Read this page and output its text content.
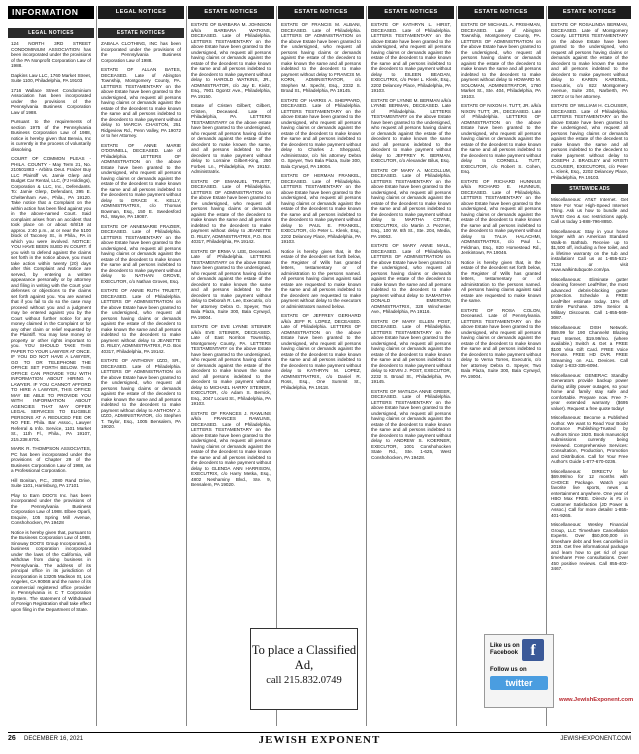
INFORMATION
LEGAL NOTICES

124 NORTH 3RD STREET CONDOMINIUM ASSOCIATION has been incorporated under the provisions of the PA Nonprofit Corporation Law of 1988.

Dapkins Law LLC, 1760 Market Street, Suite 1100, Philadelphia, PA 19103

1716 Wallace Street Condominium Association has been incorporated under the provisions of the Pennsylvania Business Corporation Law of 1988.

Pursuant to the requirements of section 1975 of the Pennsylvania Business Corporation Law of 1988, notice is hereby given that Benvia, Inc is currently in the process of voluntarily dissolving.

COURT OF COMMON PLEAS - PHILA. COUNTY - May Term 21, No. 210501883 - Arbitra Deut. Fraizer Buy LLC Plaintiff vs. Jamie Glerp and Budget Car Rental, LLC, (FJ Holdings), Corporation & LLC, Inc., Defendants. To: Jamie Glerp, Defendant, 395 E. Cheltenham Ave., Phila., PA 19120. Take notice that a Complaint on the within action has been filed against you in the above-named Court. Said complaint arises from an accident that took place on or about 6/8/19 at approx. 2:40 p.m., at or near the 5100 block of Taconey St., in Phila., PA in which you were involved. NOTICE: YOU HAVE BEEN SUED IN COURT. If you wish to defend against the claims set forth in the notice above, you must take action within twenty (20) days after this Complaint and Notice are served, by entering a written appearance personally or by attorney and filing in writing with the Court your defenses or objections to the claims set forth against you. You are warned that if you fail to do so the case may proceed without you and a judgment may be entered against you by the Court without further notice for any money claimed in the Complaint or for any other claim or relief requested by the Plaintiff. You may lose money or property or other rights important to you. YOU SHOULD TAKE THIS PAPER TO YOUR LAWYER AT ONCE. IF YOU DO NOT HAVE A LAWYER, GO TO OR TELEPHONE THE OFFICE SET FORTH BELOW. THIS OFFICE CAN PROVIDE YOU WITH INFORMATION ABOUT HIRING A LAWYER. IF YOU CANNOT AFFORD TO HIRE A LAWYER, THIS OFFICE MAY BE ABLE TO PROVIDE YOU WITH INFORMATION ABOUT AGENCIES THAT MAY OFFER LEGAL SERVICES TO ELIGIBLE PERSONS AT A REDUCED FEE OR NO FEE. Phila. Bar Assoc., Lawyer Referral & Info. Service, 1101 Market St., 11th Fl., Phila., PA 19107, 215.238.6701.

MARK R. THOMPSON ASSOCIATES, PC has been incorporated under the provisions of Chapter 29 of the Business Corporation Law of 1988, as a Professional Corporation.

Hill Bonitan, P.C., 2080 Rand Drive, Suite 1101, Harrisburg, PA 17101

Play to Earn DOO'S Inc. has been incorporated under the provisions of the Pennsylvania Business Corporation Law of 1988. Elbee Oparli, Esquire, 105 Spring Mill Avenue, Conshohocken, PA 19428

Notice is hereby given that, pursuant to the Business Corporation Law of 1988, Sinoway DOO'S Group Incorporated, a business corporation incorporated under the laws of the California, will withdraw from doing business in Pennsylvania. The address of its principal office in its jurisdiction of incorporation is 13205 Madison St, Los Angeles, CA 90068 and the name of its commercial registered office provider in Pennsylvania is C T Corporation System. The statement of Withdrawal of Foreign Registration shall take effect upon filing in the Department of State.

LEGAL NOTICES
ESTATE NOTICES

ZABALA CLOTHING, INC has been incorporated under the provisions of the Pennsylvania Business Corporation Law of 1988.

ESTATE OF ALLAN BATES, DECEASED. Late of Abington Township, Montgomery County, PA. LETTERS TESTAMENTARY on the above Estate have been granted to the undersigned, who request all persons having claims or demands against the estate of the decedent to make known the same and all persons indebted to the decedent to make payment without delay to MARCIA CHASTON, 251 Ridgeview Rd., Penn Valley, PA 19072 or to her Attorney.

ESTATE OF ANNE MARIE O'DONNELL, DECEASED. Late of Philadelphia. LETTERS OF ADMINISTRATION on the above Estate have been granted to the undersigned, who request all persons having claims or demands against the estate of the decedent to make known the same and all persons indebted to the decedent to make payment without delay to GRACE K. KELLY, ADMINISTRATRIX, c/o Thomas Bowman, Esq., 150 E. Swedesford Rd., Wayne, PA 19087.

ESTATE OF ANNEMARIE FRAZIER, DECEASED. Late of Philadelphia. LETTERS TESTAMENTARY on the above Estate have been granted to the undersigned, who request all persons having claims or demands against the estate of the decedent to make known the same and all persons indebted to the decedent to make payment without delay to NATHAN GROVE, EXECUTOR, c/o Nathan Groves, Esq.

ESTATE OF ANNIE RUTH TRUETT, DECEASED. Late of Philadelphia. LETTERS OF ADMINISTRATION on the above Estate have been granted to the undersigned, who request all persons having claims or demands against the estate of the decedent to make known the same and all persons indebted to the decedent to make payment without delay to JEANETTE D. RILEY, ADMINISTRATRIX, P.O. Box 40317, Philadelphia, PA 19142.

ESTATE OF ANTHONY IZZO, SR., DECEASED. Late of Philadelphia. LETTERS OF ADMINISTRATION on the above Estate have been granted to the undersigned, who request all persons having claims or demands against the estate of the decedent to make known the same and all persons indebted to the decedent to make payment without delay to ANTHONY J. IZZO, ADMINISTRATOR, c/o Stephen T. Taylor, Esq., 1005 Bensalem, PA 19020.

ESTATE NOTICES

ESTATE OF BARBARA M. JOHNSON a/k/a BARBARA WATKINS, DECEASED. Late of Philadelphia. LETTERS TESTAMENTARY on the above Estate have been granted to the undersigned, who request all persons having claims or demands against the estate of the decedent to make known the same and all persons indebted to the decedent to make payment without delay to HAROLD WATKINS, JR., ADMINISTRATOR, c/o Jay E. Kivitz, Esq., 7901 Ogontz Ave., Philadelphia, PA 19150.

Estate of Cristen Gilbert; Gilbert, Cristen, Deceased. Late of Philadelphia, PA. LETTERS TESTAMENTARY on the above estate have been granted to the undersigned, who request all persons having claims or demands against the estate of the decedent to make known the same, and all persons indebted to the decedent to make payment without delay to Lorraine Gilbert-King, 250 Forbes Ln., Philadelphia, PA 19152. Administratrix.

ESTATE OF EMANUEL TRUETT, DECEASED. Late of Philadelphia. LETTERS OF ADMINISTRATION on the above Estate have been granted to the undersigned, who request all persons having claims or demands against the estate of the decedent to make known the same and all persons indebted to the decedent to make payment without delay to JEANETTE D. RILEY, ADMINISTRATRIX, P.O. Box 40317, Philadelphia, PA 19142.

ESTATE OF ERMA V. LEE, Deceased. Late of Philadelphia. LETTERS TESTAMENTARY on the above Estate have been granted to the undersigned, who request all persons having claims or demands against the estate of the decedent to make known the same and all persons indebted to the decedent to make payment without delay to Deborah R. Lee, Executrix, c/o her attorney Debra G. Speyer, Two Bala Plaza, Suite 300, Bala Cynwyd, PA 19004.

ESTATE OF EVE LYNNE STEINER a/k/a EVE STEINER, DECEASED. Late of East Norriton Township, Montgomery County, PA. LETTERS TESTAMENTARY on the above Estate have been granted to the undersigned, who request all persons having claims or demands against the estate of the decedent to make known the same and all persons indebted to the decedent to make payment without delay to MICHAEL HARRY STEINER, EXECUTOR, c/o Adam S. Bernick, Esq., 2047 Locust St., Philadelphia, PA 19103.

ESTATE OF FRANCES J. RAWLINS a/k/a FRANCES RAWLINS, DECEASED. Late of Philadelphia. LETTERS TESTAMENTARY on the above Estate have been granted to the undersigned, who request all persons having claims or demands against the estate of the decedent to make known the same and all persons indebted to the decedent to make payment without delay to GLENDA ANN HARRISON, EXECUTRIX, c/o Harry Metka, Esq., 4802 Neshaminy Blvd., Ste. 9, Bensalem, PA 19020.

ESTATE NOTICES

ESTATE OF FRANCIS M. ALBANI, DECEASED. Late of Philadelphia. LETTERS OF ADMINISTRATION on the above Estate have been granted to the undersigned, who request all persons having claims or demands against the estate of the decedent to make known the same and all persons indebted to the decedent to make payment without delay to FRANCIS M. KORN, ADMINISTRATOR, c/o Stephen M. Specht, Esq., 2332 S. Broad St., Philadelphia, PA 19145.

ESTATE OF HARRIS A. SHEPPARD, DECEASED. Late of Philadelphia. LETTERS TESTAMENTARY on the above Estate have been granted to the undersigned, who request all persons having claims or demands against the estate of the decedent to make known the same and all persons indebted to the decedent to make payment without delay to Charles J. Sheppard, Administrator, c/o his attorney Debra G. Speyer, Two Bala Plaza, Suite 300, Bala Cynwyd, PA 19004.

ESTATE OF HERMAN FRANKEL, DECEASED. Late of Philadelphia. LETTERS TESTAMENTARY on the above Estate have been granted to the undersigned, who request all persons having claims or demands against the estate of the decedent to make known the same and all persons indebted to the decedent to make payment without delay to PAUL E. FRANKEL, EXECUTOR, c/o Peter L. Klenk, Esq., 2202 Delancey Place, Philadelphia, PA 19103.

Notice is hereby given that, in the estate of the decedent set forth below, the Register of Wills has granted letters, testamentary or of administration to the persons named. All persons having claims against said estate are requested to make known the same and all persons indebted to the decedent are requested to make payment without delay to the executors or administrators named below.

ESTATE OF JEFFREY GERHARD a/k/a JEFF R. LOPEZ, DECEASED. Late of Philadelphia. LETTERS OF ADMINISTRATION on the above Estate have been granted to the undersigned, who request all persons having claims or demands against the estate of the decedent to make known the same and all persons indebted to the decedent to make payment without delay to KATHRYN M. LOPEZ, ADMINISTRATRIX, c/o Daniel R. Ross, Esq., One Summit St., Philadelphia, PA 19118.

ESTATE NOTICES

ESTATE OF KATHRYN L. HIRST, DECEASED. Late of Philadelphia. LETTERS TESTAMENTARY on the above Estate have been granted to the undersigned, who request all persons having claims or demands against the estate of the decedent to make known the same and all persons indebted to the decedent to make payment without delay to EILEEN BEADAN, EXECUTRIX, c/o Peter L. Klenk, Esq., 2202 Delancey Place, Philadelphia, PA 19103.

ESTATE OF LYNNE M. BERMAN a/k/a LYNNE BERMAN, DECEASED. Late of Philadelphia. LETTERS TESTAMENTARY on the above Estate have been granted to the undersigned, who request all persons having claims or demands against the estate of the decedent to make known the same and all persons indebted to the decedent to make payment without delay to JEFFREY R. BERMAN, EXECUTOR, c/o Alexander Bilus, Esq.

ESTATE OF MARY A. McCOLLUM, DECEASED. Late of Philadelphia. LETTERS TESTAMENTARY on the above Estate have been granted to the undersigned, who request all persons having claims or demands against the estate of the decedent to make known the same and all persons indebted to the decedent to make payment without delay to MARTHA COYNE, EXECUTRIX, c/o Martin J. Pezzner, Esq., 100 W. 6th St., Ste. 204, Media, PA 19063.

ESTATE OF MARY ANNE MAUL, DECEASED. Late of Philadelphia. LETTERS OF ADMINISTRATION on the above Estate have been granted to the undersigned, who request all persons having claims or demands against the estate of the decedent to make known the same and all persons indebted to the decedent to make payment without delay to SAMANTHA DONALD EMERSON, ADMINISTRATRIX, 328 Winchester Ave., Philadelphia, PA 19116.

ESTATE OF MARY ELLEN POST, DECEASED. Late of Philadelphia. LETTERS TESTAMENTARY on the above Estate have been granted to the undersigned, who request all persons having claims or demands against the estate of the decedent to make known the same and all persons indebted to the decedent to make payment without delay to KEVIN J. POST, EXECUTOR, 2232 S. Broad St., Philadelphia, PA 19145.

ESTATE OF MATILDA ANNE GREER, DECEASED. Late of Philadelphia. LETTERS TESTAMENTARY on the above Estate have been granted to the undersigned, who request all persons having claims or demands against the estate of the decedent to make known the same and all persons indebted to the decedent to make payment without delay to ANDREW S. KOERNER, EXECUTOR, 1001 Conshohocken State Rd., Ste. 1-625, West Conshohocken, PA 19428.

ESTATE NOTICES

ESTATE OF MICHAEL A. FRISHMAN, DECEASED. Late of Abington Township, Montgomery County, PA. LETTERS OF ADMINISTRATION on the above Estate have been granted to the undersigned, who request all persons having claims or demands against the estate of the decedent to make known the same and all persons indebted to the decedent to make payment without delay to HOWARD M. SOLOMAN, ADMINISTRATOR, 1760 Market St., Ste. 404, Philadelphia, PA 19103.

ESTATE OF NIXON H. TUTT, JR. a/k/a NIXON TUTT, JR., DECEASED. Late of Philadelphia. LETTERS OF ADMINISTRATION on the above Estate have been granted to the undersigned, who request all persons having claims or demands against the estate of the decedent to make known the same and all persons indebted to the decedent to make payment without delay to CORNELL TUTT, EXECUTOR, c/o Robert S. Cohen, Esq.

ESTATE OF RICHARD HUNNIUS a/k/a RICHARD E. HUNNIUS, DECEASED. Late of Philadelphia. LETTERS TESTAMENTARY on the above Estate have been granted to the undersigned, who request all persons having claims or demands against the estate of the decedent to make known the same and all persons indebted to the decedent to make payment without delay to TALIA HALACHMI, ADMINISTRATRIX, c/o Paul L. Feldman, Esq., 820 Homestead Rd., Jenkintown, PA 19046.

Notice is hereby given that, in the estate of the decedent set forth below, the Register of Wills has granted letters, testamentary or of administration to the persons named. All persons having claims against said estate are requested to make known the same.

ESTATE OF ROSA COLON, Deceased. Late of Pennsylvania. LETTERS TESTAMENTARY on the above Estate have been granted to the undersigned, who request all persons having claims or demands against the estate of the decedent to make known the same and all persons indebted to the decedent to make payment without delay to Verna Torres, Executrix, c/o her attorney Debra G. Speyer, Two Bala Plaza, Suite 300, Bala Cynwyd, PA 19004.

ESTATE NOTICES

ESTATE OF ROSALINDA BERMAN, DECEASED. Late of Montgomery County. LETTERS TESTAMENTARY on the above Estate have been granted to the undersigned, who request all persons having claims or demands against the estate of the decedent to make known the same and all persons indebted to the decedent to make payment without delay to KAREN KARENSL, Executrix, c/o 822 Montgomery Avenue, Suite 204, Narberth, PA 19072 or to her attorney.

ESTATE OF WILLIAM H. CLOUSER, DECEASED. Late of Philadelphia. LETTERS TESTAMENTARY on the above Estate have been granted to the undersigned, who request all persons having claims or demands against the estate of the decedent to make known the same and all persons indebted to the decedent to make payment without delay to JOSEPH J. BRADLEY and KRISTI CLOUSER, EXECUTORS, c/o Peter L. Klenk, Esq., 2202 Delancey Place, Philadelphia, PA 19103.

STATEWIDE ADS

Miscellaneous: AT&T Internet. Get More For Your High-Speed Internet Thing. Ask us how to bundle and SAVE! Geo & svc restrictions apply. Call us today 1-888-796-8850.

Miscellaneous: Stay in your home longer with an American Standard Walk-In Bathtub. Receive up to $1,500 off, including a free toilet, and a lifetime warranty on the tub and installation! Call us at 1-855-521-7134 or visit www.walkintubquote.com/pa.

Miscellaneous: Eliminate gutter cleaning forever! LeafFilter, the most advanced debris-blocking gutter protection. Schedule a FREE LeafFilter estimate today. 15% off Entire Purchase. 10% Senior & Military Discounts. Call 1-855-569-3087.

Miscellaneous: DISH Network. $59.99 for 190 Channels! Blazing Fast Internet, $19.99/mo. (where available.) Switch & Get a FREE $100 Visa Gift Card. FREE Voice Remote. FREE HD DVR. FREE Streaming on ALL Devices. Call today! 1-833-335-6094.

Miscellaneous: GENERAC Standby Generators provide backup power during utility power outages, so your home and family stay safe and comfortable. Prepare now. Free 7-year extended warranty ($695 value!). Request a free quote today!

Miscellaneous: Become a Published Author. We want to Read Your Book! Dorrance Publishing-Trusted by Authors Since 1920. Book manuscript submissions currently being reviewed. Comprehensive Services: Consultation, Production, Promotion and Distribution. Call for Your Free Author's Guide 1-877-670-0236.

Miscellaneous: DIRECTV for $69.99/mo for 12 months with CHOICE Package. Watch your favorite live sports, news & entertainment anywhere. One year of HBO Max FREE. Directv is #1 in Customer Satisfaction (JD Power & Assoc.) Call for more details! 1-855-401-9265.

Miscellaneous: Wesley Financial Group, LLC Timeshare Cancellation Experts. Over $50,000,000 in timeshare debt and fees cancelled in 2019. Get free informational package and learn how to get rid of your timeshare! Free consultations. Over 450 positive reviews. Call 855-402-3467.

To place a Classified Ad,
call 215.832.0749
Like us on Facebook f
Follow us on
twitter
www.JewishExponent.com
26 DECEMBER 16, 2021	JEWISH EXPONENT	JEWISHEXPONENT.COM
